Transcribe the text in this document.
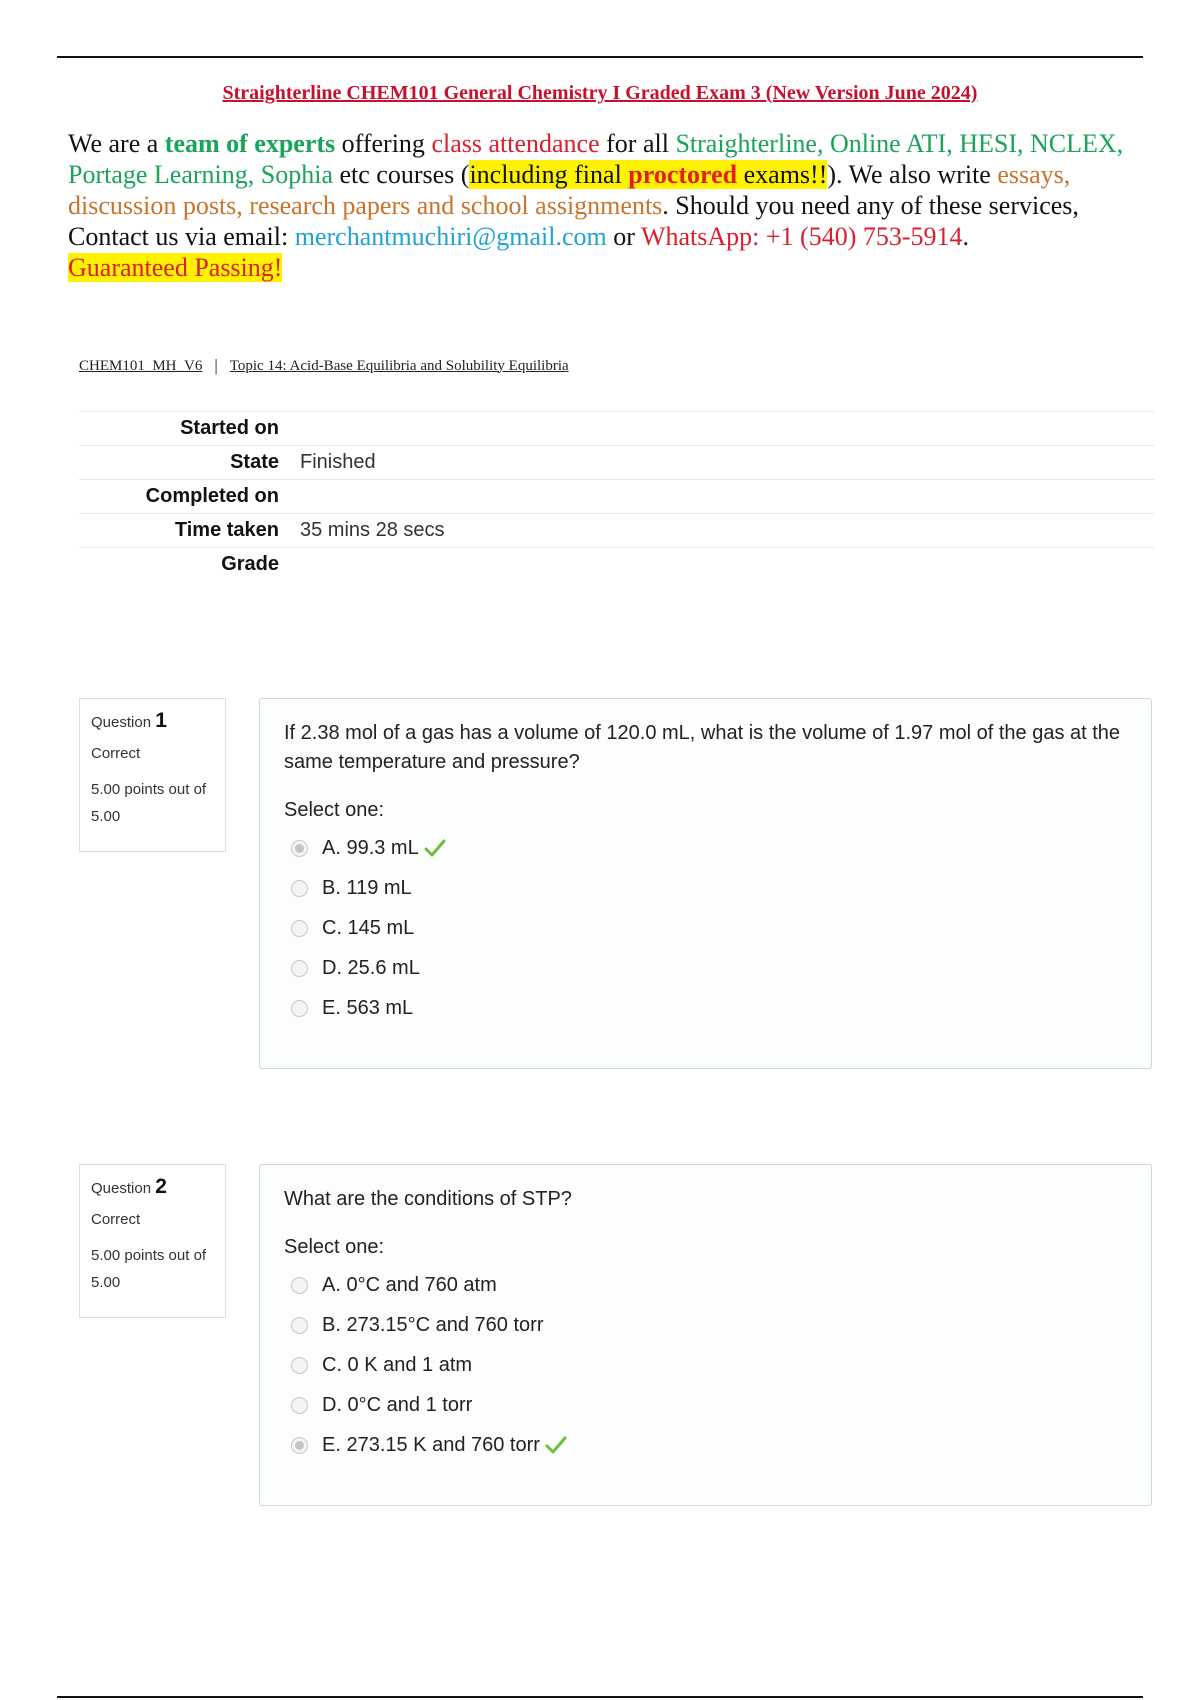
Straighterline CHEM101 General Chemistry I Graded Exam 3 (New Version June 2024)
We are a team of experts offering class attendance for all Straighterline, Online ATI, HESI, NCLEX, Portage Learning, Sophia etc courses (including final proctored exams!!). We also write essays, discussion posts, research papers and school assignments. Should you need any of these services, Contact us via email: merchantmuchiri@gmail.com or WhatsApp: +1 (540) 753-5914.
Guaranteed Passing!
CHEM101_MH_V6 | Topic 14: Acid-Base Equilibria and Solubility Equilibria
Started on
State Finished
Completed on
Time taken 35 mins 28 secs
Grade
Question 1
Correct
5.00 points out of 5.00
If 2.38 mol of a gas has a volume of 120.0 mL, what is the volume of 1.97 mol of the gas at the same temperature and pressure?
Select one:
A. 99.3 mL
B. 119 mL
C. 145 mL
D. 25.6 mL
E. 563 mL
Question 2
Correct
5.00 points out of 5.00
What are the conditions of STP?
Select one:
A. 0°C and 760 atm
B. 273.15°C and 760 torr
C. 0 K and 1 atm
D. 0°C and 1 torr
E. 273.15 K and 760 torr
